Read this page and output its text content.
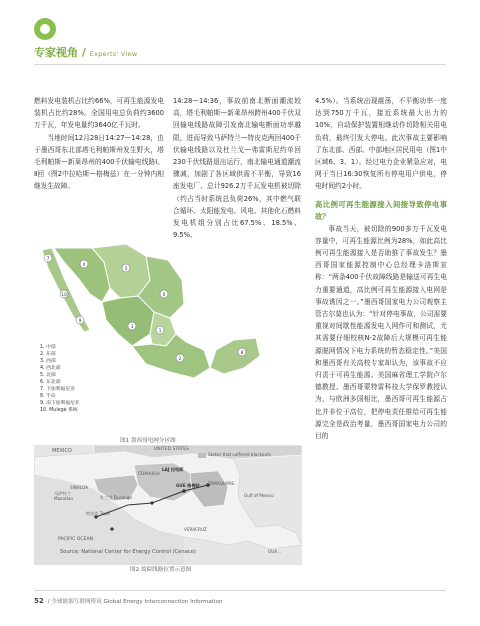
专家视角 / Experts' View

燃料发电装机占比约66%，可再生能源发电装机占比约28%。全国用电总负荷约3600万千瓦，年发电量约3640亿千瓦时。

当地时间12月28日14:27—14:28，由于墨西哥东北部塔毛利帕斯州发生野火，塔毛利帕斯—新莱昂州的400千伏输电线路Ⅰ、Ⅱ回（图2中拉哈斯—格梅兹）在一分钟内相继发生故障。

14:28—14:36，事故前南北断面潮流较高，塔毛利帕斯—新莱昂州跨州400千伏双回输电线路故障引发南北输电断面功率越限，进而导致马萨特兰—特皮克两回400千伏输电线路以及杜兰戈—弗雷斯尼约单回230千伏线路退出运行，南北输电通道潮流骤减，加剧了各区域供需不平衡，导致16座发电厂、总计926.2万千瓦发电机被切除（约占当时系统总负荷26%，其中燃气联合循环、太阳能发电、风电、其他化石燃料发电机组分别占比67.5%、18.5%、9.5%、

4.5%）。当系统出现震荡，不平衡功率一度达到750万千瓦，接近系统最大出力的10%，自动保护装置相继动作切除相关用电负荷，最终引发大停电。此次事故主要影响了东北部、西部、中部地区居民用电（图1中区域6、3、1）。经过电力企业紧急应对，电网于当日16:30恢复所有停电用户供电，停电时间约2小时。

高比例可再生能源接入间接导致停电事故？

事故当天，被切除的900多万千瓦发电容量中，可再生能源比例为28%，如此高比例可再生能源接入是否助推了事故发生？墨西哥国家能源控制中心总经理卡洛斯宣称：“两条400千伏故障线路是输送可再生电力重要通道，高比例可再生能源接入电网是事故诱因之一。”墨西哥国家电力公司观察主管古尔莫也认为：“针对停电事故，公司需要重视对间歇性能源发电入网作可和测试，尤其需要仔细校核N-2故障后大规模可再生能源脱网情况下电力系统的暂态稳定性。”美国和墨西哥有关高校专家却认为，该事故不应归责于可再生能源。美国麻省理工学院卢尔德教授、墨西哥蒙特雷科技大学保罗教授认为，与欧洲多国相比，墨西哥可再生能源占比并非位于高位，把停电责任推给可再生能源完全是政治考量，墨西哥国家电力公司的目的

1
2
3
4
5
6
7
8
9
10
1. 中部
2. 东部
3. 西部
4. 西北部
5. 北部
6. 东北部
7. 下加利福尼亚
8. 半岛
9. 南下加利福尼亚
10. Mulegé 系统
图1 墨西哥电网分区图
MEXICO	UNITED STATES
States that suffered blackouts
SINALOA
COAHUILA
马萨特兰 Mazatlan	杜兰戈 Durango
LAJ 拉哈斯
GUE 格梅兹 TAMAULIPAS
特皮克 Tepic
Gulf of Mexico
PACIFIC OCEAN
VERACRUZ
GUA...
Source: National Center for Energy Control (Cenace)
图2 故障线路位置示意图
52 / 全球能源互联网资讯 Global Energy Interconnection Information
